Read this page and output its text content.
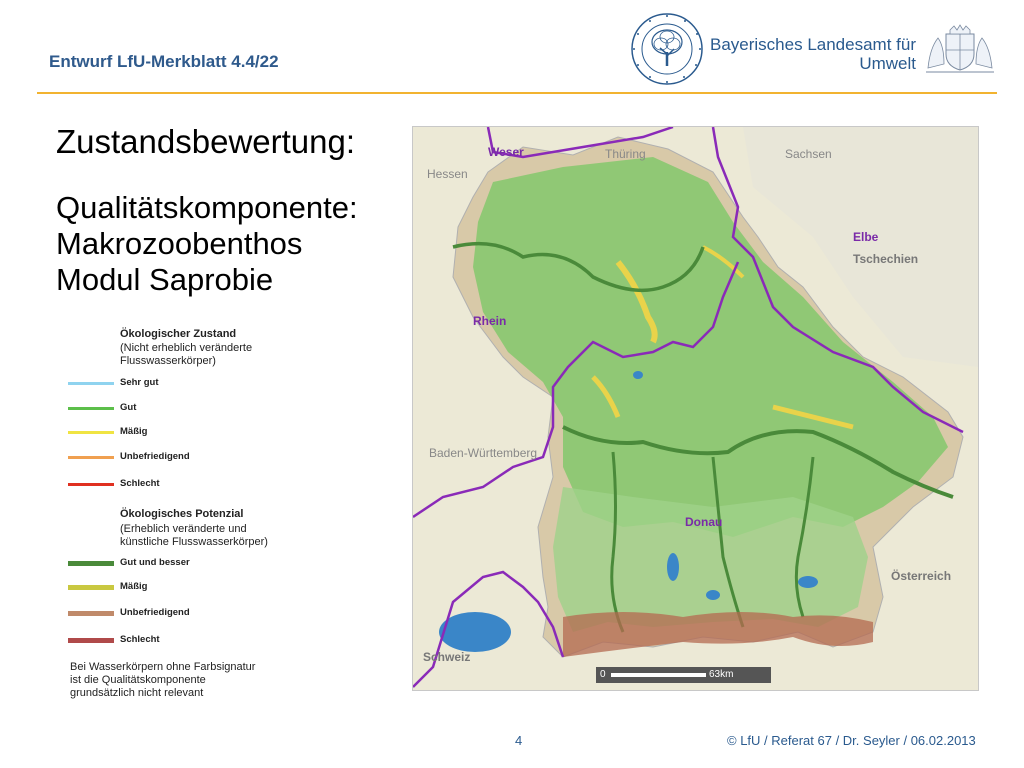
Entwurf LfU-Merkblatt 4.4/22
Bayerisches Landesamt für
Umwelt
Zustandsbewertung:
Qualitätskomponente:
Makrozoobenthos
Modul Saprobie
Ökologischer Zustand
(Nicht erheblich veränderte
Flusswasserkörper)
Sehr gut
Gut
Mäßig
Unbefriedigend
Schlecht
Ökologisches Potenzial
(Erheblich veränderte und
künstliche Flusswasserkörper)
Gut und besser
Mäßig
Unbefriedigend
Schlecht
Bei Wasserkörpern ohne Farbsignatur
ist die Qualitätskomponente
grundsätzlich nicht relevant
Weser	Thüring	Sachsen
Hessen
Elbe
Tschechien
Rhein
Baden-Württemberg
Donau
Österreich
Schweiz
0	63km
4	© LfU / Referat 67 / Dr. Seyler / 06.02.2013
